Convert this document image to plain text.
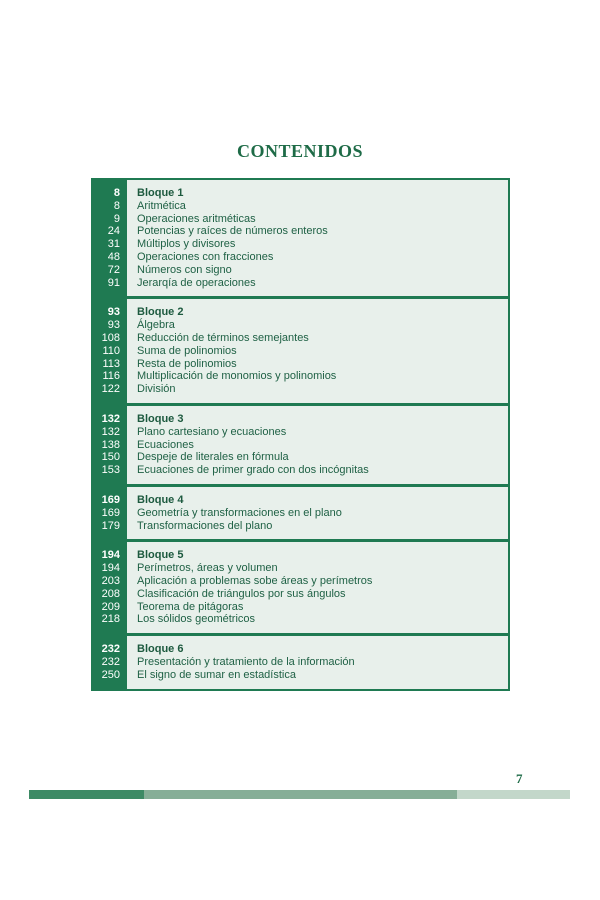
CONTENIDOS
8
8
9
24
31
48
72
91
Bloque 1
Aritmética
Operaciones aritméticas
Potencias y raíces de números enteros
Múltiplos y divisores
Operaciones con fracciones
Números con signo
Jerarqía de operaciones
93
93
108
110
113
116
122
Bloque 2
Álgebra
Reducción de términos semejantes
Suma de polinomios
Resta de polinomios
Multiplicación de monomios y polinomios
División
132
132
138
150
153
Bloque 3
Plano cartesiano y ecuaciones
Ecuaciones
Despeje de literales en fórmula
Ecuaciones de primer grado con dos incógnitas
169
169
179
Bloque 4
Geometría y transformaciones en el plano
Transformaciones del plano
194
194
203
208
209
218
Bloque 5
Perímetros, áreas y volumen
Aplicación a problemas sobe áreas y perímetros
Clasificación de triángulos por sus ángulos
Teorema de pitágoras
Los sólidos geométricos
232
232
250
Bloque 6
Presentación y tratamiento de la información
El signo de sumar en estadística
7
